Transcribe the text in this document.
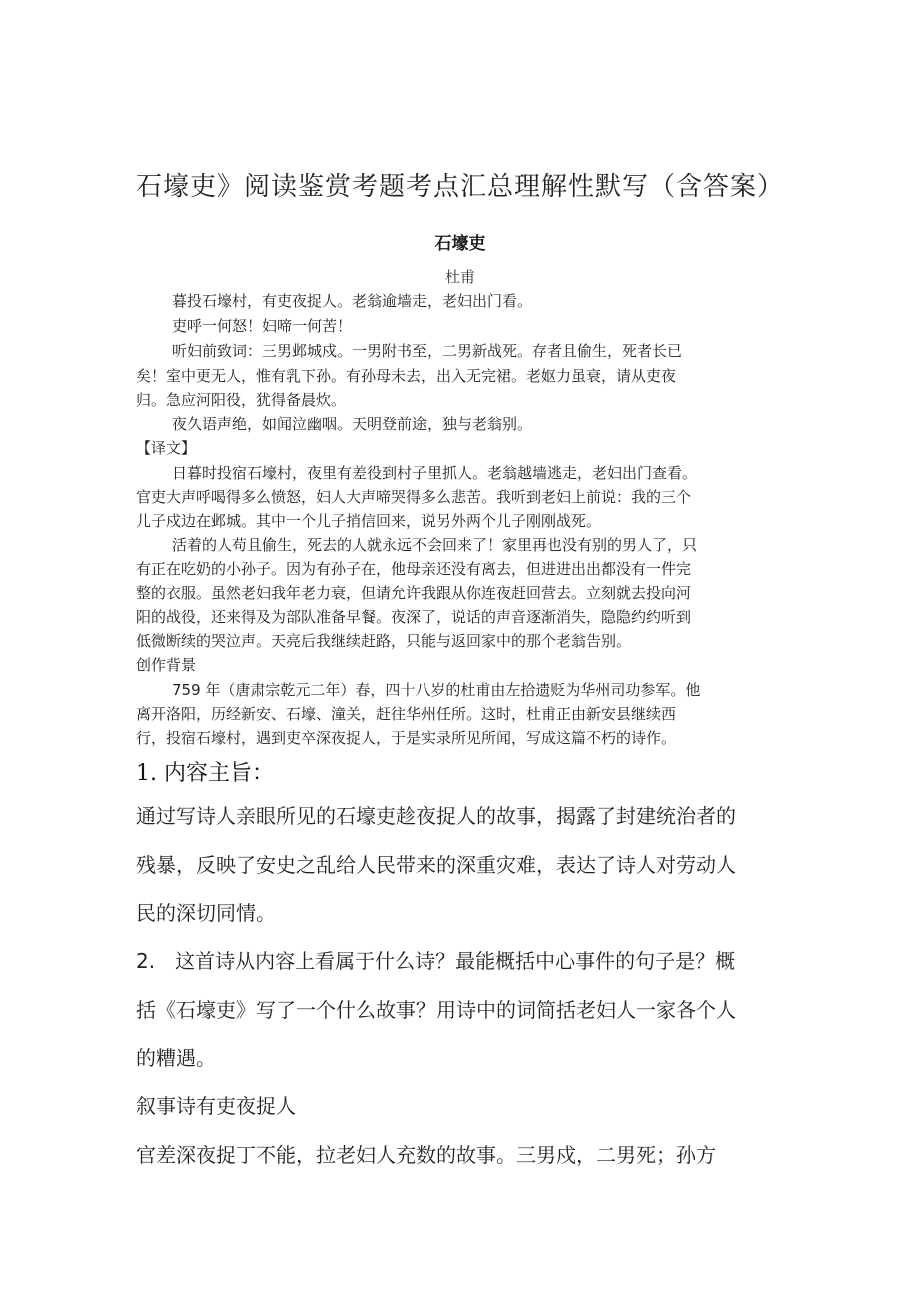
石壕吏》阅读鉴赏考题考点汇总理解性默写（含答案）
石壕吏
杜甫
暮投石壕村，有吏夜捉人。老翁逾墙走，老妇出门看。
吏呼一何怒！妇啼一何苦！
听妇前致词：三男邺城戍。一男附书至，二男新战死。存者且偷生，死者长已
矣！室中更无人，惟有乳下孙。有孙母未去，出入无完裙。老妪力虽衰，请从吏夜
归。急应河阳役，犹得备晨炊。
夜久语声绝，如闻泣幽咽。天明登前途，独与老翁别。
【译文】
日暮时投宿石壕村，夜里有差役到村子里抓人。老翁越墙逃走，老妇出门查看。
官吏大声呼喝得多么愤怒，妇人大声啼哭得多么悲苦。我听到老妇上前说：我的三个
儿子戍边在邺城。其中一个儿子捎信回来，说另外两个儿子刚刚战死。
活着的人苟且偷生，死去的人就永远不会回来了！家里再也没有别的男人了，只
有正在吃奶的小孙子。因为有孙子在，他母亲还没有离去，但进进出出都没有一件完
整的衣服。虽然老妇我年老力衰，但请允许我跟从你连夜赶回营去。立刻就去投向河
阳的战役，还来得及为部队准备早餐。夜深了，说话的声音逐渐消失，隐隐约约听到
低微断续的哭泣声。天亮后我继续赶路，只能与返回家中的那个老翁告别。
创作背景
759 年（唐肃宗乾元二年）春，四十八岁的杜甫由左拾遗贬为华州司功参军。他
离开洛阳，历经新安、石壕、潼关，赶往华州任所。这时，杜甫正由新安县继续西
行，投宿石壕村，遇到吏卒深夜捉人，于是实录所见所闻，写成这篇不朽的诗作。
1. 内容主旨：
通过写诗人亲眼所见的石壕吏趁夜捉人的故事，揭露了封建统治者的
残暴，反映了安史之乱给人民带来的深重灾难，表达了诗人对劳动人
民的深切同情。
2.　这首诗从内容上看属于什么诗？最能概括中心事件的句子是？概
括《石壕吏》写了一个什么故事？用诗中的词简括老妇人一家各个人
的糟遇。
叙事诗有吏夜捉人
官差深夜捉丁不能，拉老妇人充数的故事。三男戍，二男死；孙方
